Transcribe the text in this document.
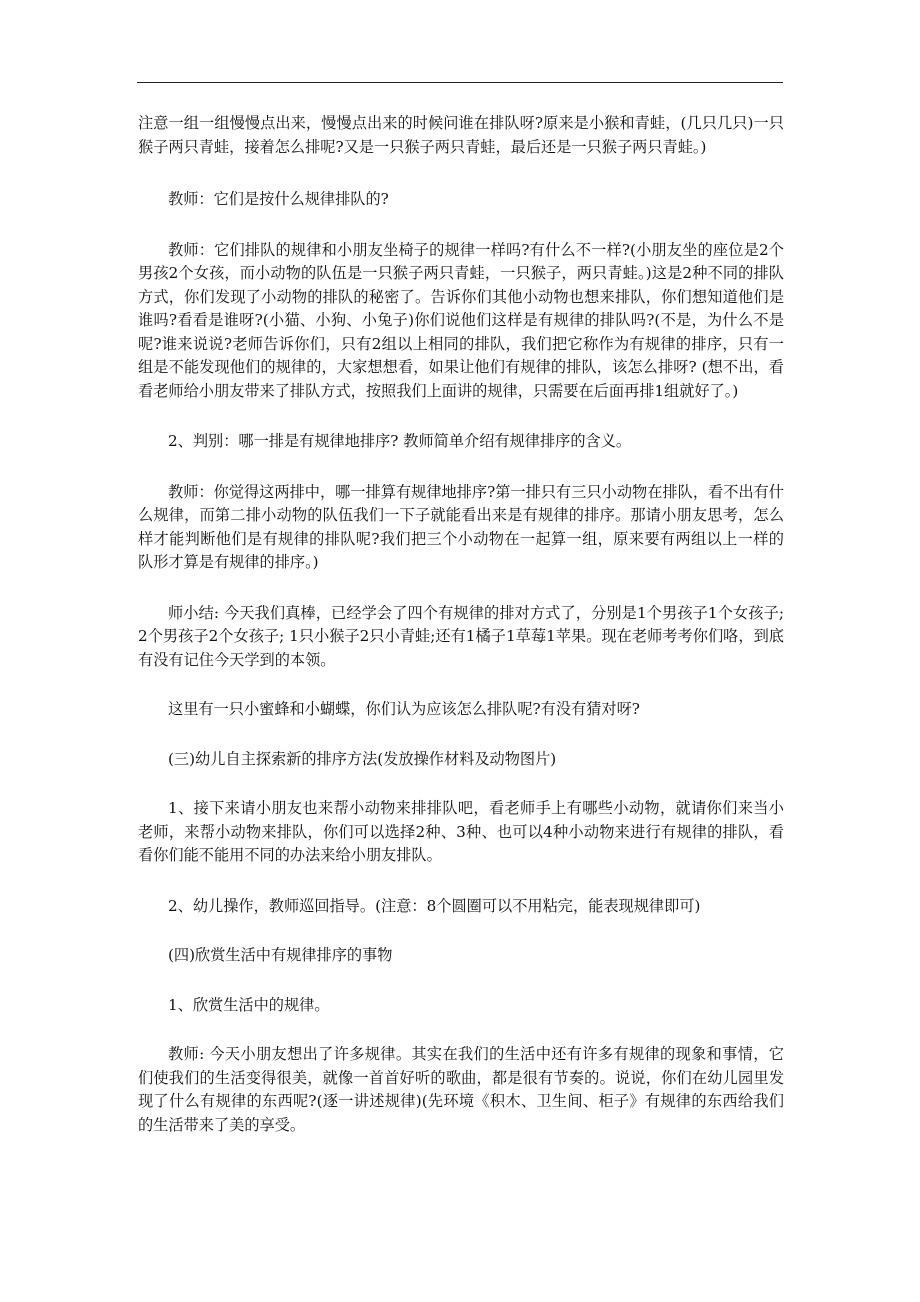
注意一组一组慢慢点出来，慢慢点出来的时候问谁在排队呀?原来是小猴和青蛙，(几只几只)一只猴子两只青蛙，接着怎么排呢?又是一只猴子两只青蛙，最后还是一只猴子两只青蛙。)

教师：它们是按什么规律排队的?

教师：它们排队的规律和小朋友坐椅子的规律一样吗?有什么不一样?(小朋友坐的座位是2个男孩2个女孩，而小动物的队伍是一只猴子两只青蛙，一只猴子，两只青蛙。)这是2种不同的排队方式，你们发现了小动物的排队的秘密了。告诉你们其他小动物也想来排队，你们想知道他们是谁吗?看看是谁呀?(小猫、小狗、小兔子)你们说他们这样是有规律的排队吗?(不是，为什么不是呢?谁来说说?老师告诉你们，只有2组以上相同的排队，我们把它称作为有规律的排序，只有一组是不能发现他们的规律的，大家想想看，如果让他们有规律的排队，该怎么排呀? (想不出，看看老师给小朋友带来了排队方式，按照我们上面讲的规律，只需要在后面再排1组就好了。)

2、判别：哪一排是有规律地排序? 教师简单介绍有规律排序的含义。

教师：你觉得这两排中，哪一排算有规律地排序?第一排只有三只小动物在排队，看不出有什么规律，而第二排小动物的队伍我们一下子就能看出来是有规律的排序。那请小朋友思考，怎么样才能判断他们是有规律的排队呢?我们把三个小动物在一起算一组，原来要有两组以上一样的队形才算是有规律的排序。)

师小结: 今天我们真棒，已经学会了四个有规律的排对方式了，分别是1个男孩子1个女孩子;2个男孩子2个女孩子; 1只小猴子2只小青蛙;还有1橘子1草莓1苹果。现在老师考考你们咯，到底有没有记住今天学到的本领。

这里有一只小蜜蜂和小蝴蝶，你们认为应该怎么排队呢?有没有猜对呀?

(三)幼儿自主探索新的排序方法(发放操作材料及动物图片)

1、接下来请小朋友也来帮小动物来排排队吧，看老师手上有哪些小动物，就请你们来当小老师，来帮小动物来排队，你们可以选择2种、3种、也可以4种小动物来进行有规律的排队，看看你们能不能用不同的办法来给小朋友排队。

2、幼儿操作，教师巡回指导。(注意：8个圆圈可以不用粘完，能表现规律即可)

(四)欣赏生活中有规律排序的事物

1、欣赏生活中的规律。

教师: 今天小朋友想出了许多规律。其实在我们的生活中还有许多有规律的现象和事情，它们使我们的生活变得很美，就像一首首好听的歌曲，都是很有节奏的。说说，你们在幼儿园里发现了什么有规律的东西呢?(逐一讲述规律)(先环境《积木、卫生间、柜子》有规律的东西给我们的生活带来了美的享受。
